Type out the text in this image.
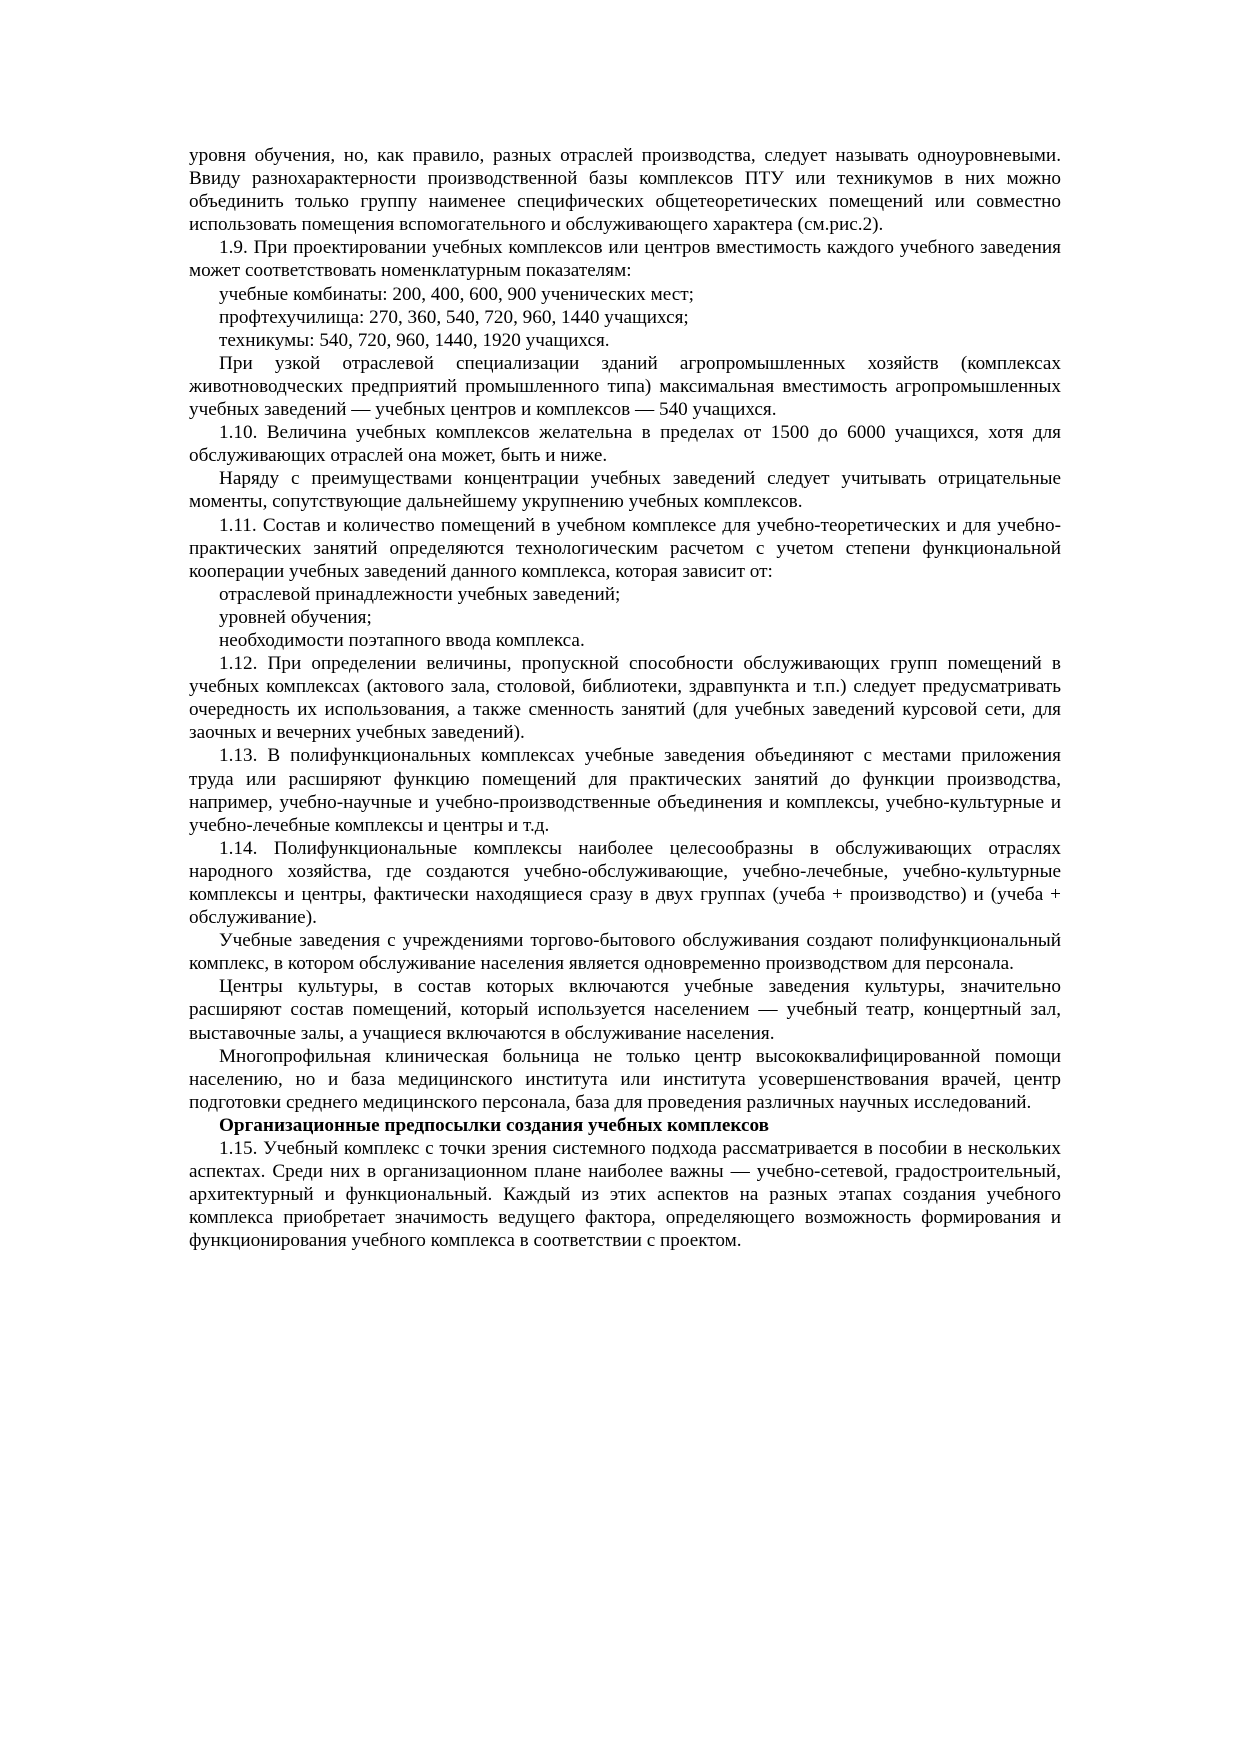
уровня обучения, но, как правило, разных отраслей производства, следует называть одноуровневыми. Ввиду разнохарактерности производственной базы комплексов ПТУ или техникумов в них можно объединить только группу наименее специфических общетеоретических помещений или совместно использовать помещения вспомогательного и обслуживающего характера (см.рис.2).

1.9. При проектировании учебных комплексов или центров вместимость каждого учебного заведения может соответствовать номенклатурным показателям:

учебные комбинаты: 200, 400, 600, 900 ученических мест;

профтехучилища: 270, 360, 540, 720, 960, 1440 учащихся;

техникумы: 540, 720, 960, 1440, 1920 учащихся.

При узкой отраслевой специализации зданий агропромышленных хозяйств (комплексах животноводческих предприятий промышленного типа) максимальная вместимость агропромышленных учебных заведений — учебных центров и комплексов — 540 учащихся.

1.10. Величина учебных комплексов желательна в пределах от 1500 до 6000 учащихся, хотя для обслуживающих отраслей она может, быть и ниже.

Наряду с преимуществами концентрации учебных заведений следует учитывать отрицательные моменты, сопутствующие дальнейшему укрупнению учебных комплексов.

1.11. Состав и количество помещений в учебном комплексе для учебно-теоретических и для учебно-практических занятий определяются технологическим расчетом с учетом степени функциональной кооперации учебных заведений данного комплекса, которая зависит от:

отраслевой принадлежности учебных заведений;

уровней обучения;

необходимости поэтапного ввода комплекса.

1.12. При определении величины, пропускной способности обслуживающих групп помещений в учебных комплексах (актового зала, столовой, библиотеки, здравпункта и т.п.) следует предусматривать очередность их использования, а также сменность занятий (для учебных заведений курсовой сети, для заочных и вечерних учебных заведений).

1.13. В полифункциональных комплексах учебные заведения объединяют с местами приложения труда или расширяют функцию помещений для практических занятий до функции производства, например, учебно-научные и учебно-производственные объединения и комплексы, учебно-культурные и учебно-лечебные комплексы и центры и т.д.

1.14. Полифункциональные комплексы наиболее целесообразны в обслуживающих отраслях народного хозяйства, где создаются учебно-обслуживающие, учебно-лечебные, учебно-культурные комплексы и центры, фактически находящиеся сразу в двух группах (учеба + производство) и (учеба + обслуживание).

Учебные заведения с учреждениями торгово-бытового обслуживания создают полифункциональный комплекс, в котором обслуживание населения является одновременно производством для персонала.

Центры культуры, в состав которых включаются учебные заведения культуры, значительно расширяют состав помещений, который используется населением — учебный театр, концертный зал, выставочные залы, а учащиеся включаются в обслуживание населения.

Многопрофильная клиническая больница не только центр высококвалифицированной помощи населению, но и база медицинского института или института усовершенствования врачей, центр подготовки среднего медицинского персонала, база для проведения различных научных исследований.

Организационные предпосылки создания учебных комплексов

1.15. Учебный комплекс с точки зрения системного подхода рассматривается в пособии в нескольких аспектах. Среди них в организационном плане наиболее важны — учебно-сетевой, градостроительный, архитектурный и функциональный. Каждый из этих аспектов на разных этапах создания учебного комплекса приобретает значимость ведущего фактора, определяющего возможность формирования и функционирования учебного комплекса в соответствии с проектом.
